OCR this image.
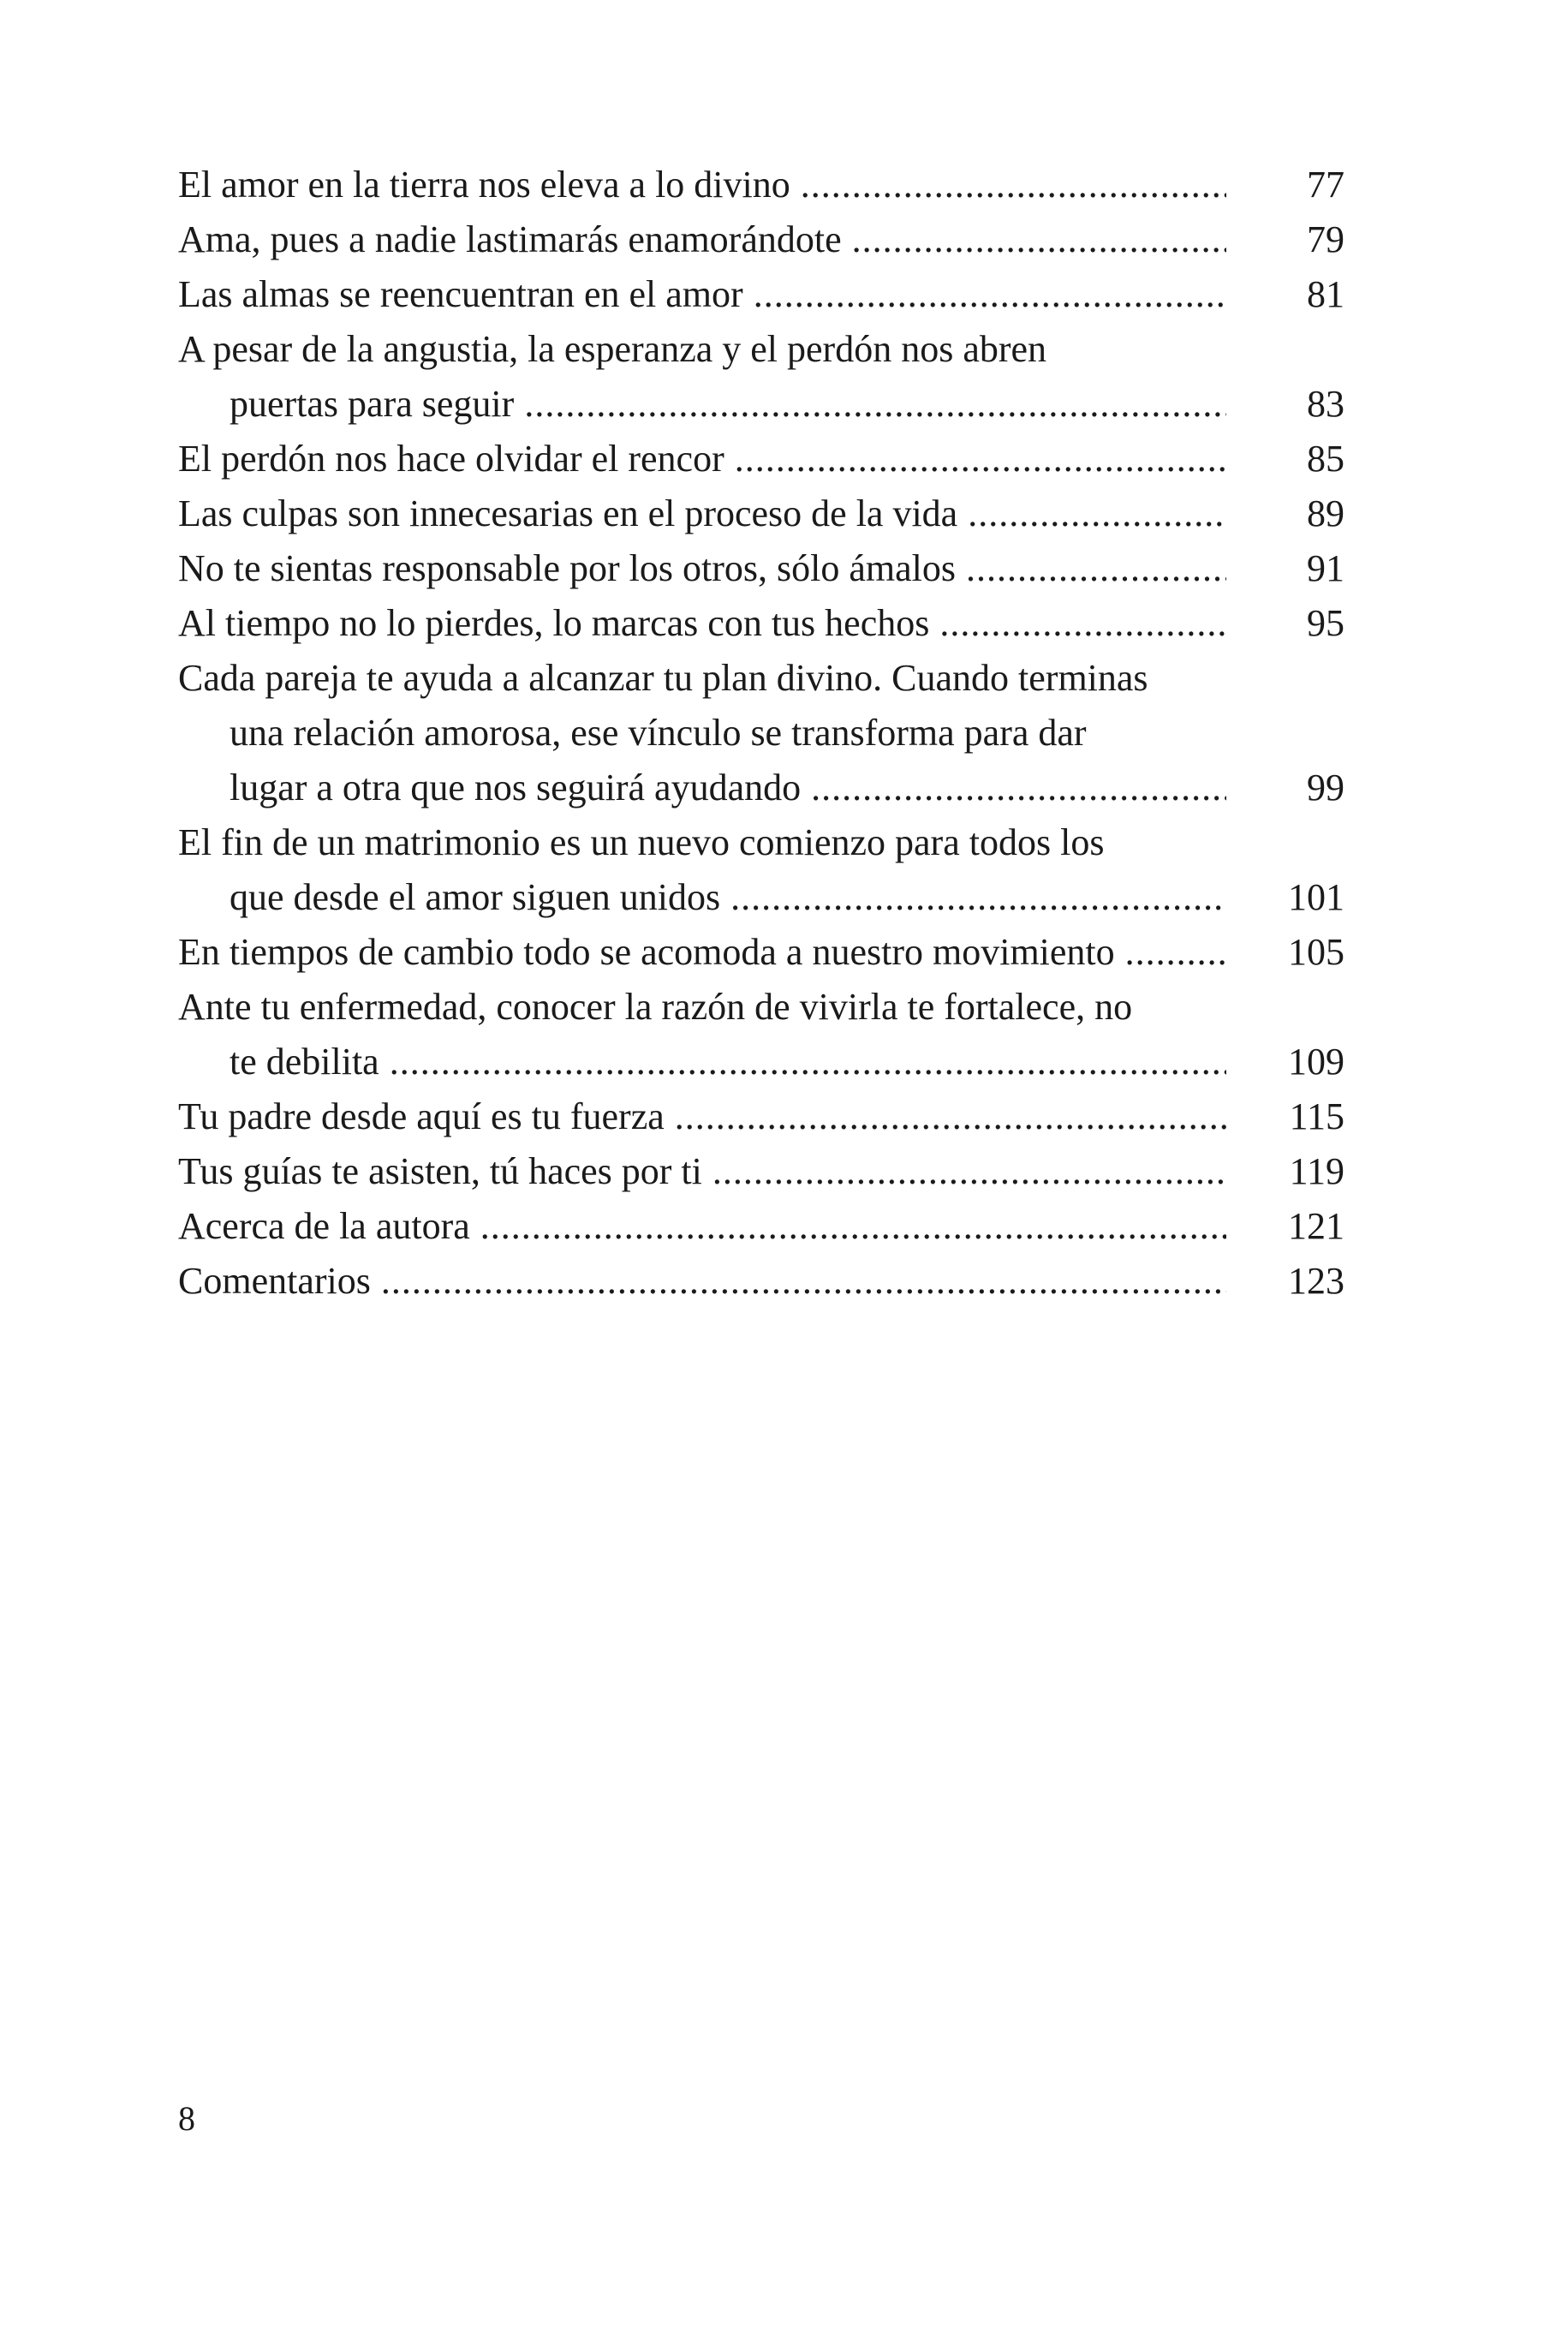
El amor en la tierra nos eleva a lo divino .....	77
Ama, pues a nadie lastimarás enamorándote .....	79
Las almas se reencuentran en el amor .....	81
A pesar de la angustia, la esperanza y el perdón nos abren
puertas para seguir .....	83
El perdón nos hace olvidar el rencor .....	85
Las culpas son innecesarias en el proceso de la vida .....	89
No te sientas responsable por los otros, sólo ámalos .....	91
Al tiempo no lo pierdes, lo marcas con tus hechos .....	95
Cada pareja te ayuda a alcanzar tu plan divino. Cuando terminas
una relación amorosa, ese vínculo se transforma para dar
lugar a otra que nos seguirá ayudando .....	99
El fin de un matrimonio es un nuevo comienzo para todos los
que desde el amor siguen unidos .....	101
En tiempos de cambio todo se acomoda a nuestro movimiento .....	105
Ante tu enfermedad, conocer la razón de vivirla te fortalece, no
te debilita .....	109
Tu padre desde aquí es tu fuerza .....	115
Tus guías te asisten, tú haces por ti .....	119
Acerca de la autora .....	121
Comentarios .....	123
8
